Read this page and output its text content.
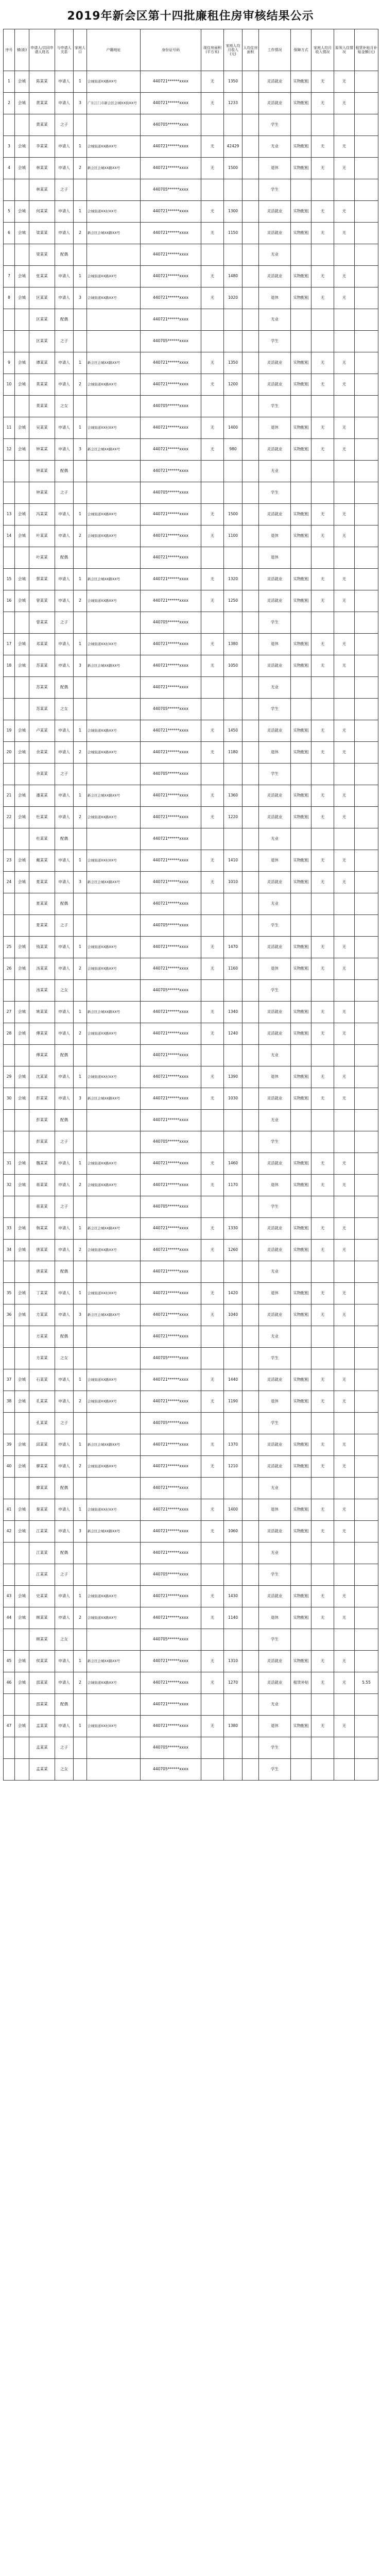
2019年新会区第十四批廉租住房审核结果公示
序号	镇(街)	申请人/共同申请人姓名	与申请人关系	家庭人口	户籍地址	身份证号码	现住房面积(平方米)	家庭人均月收入(元)	人均住房面积	工作情况	保障方式	家庭人均月收入情况	原领入住情况	租赁补贴月补贴金额(元)
1	会城	陈某某	申请人	1	会城街道XX路XX号	440721******xxxx	无	1350		灵活就业	实物配租	无	无	
2	会城	黄某某	申请人	3	广东江门市新会区会城XX街XX号	440721******xxxx	无	1233		灵活就业	实物配租	无	无	
		黄某某	之子			440705******xxxx				学生				
3	会城	李某某	申请人	1	会城街道XX路XX号	440721******xxxx	无	42429		无业	实物配租	无	无	
4	会城	林某某	申请人	2	新会区会城XX路XX号	440721******xxxx	无	1500		退休	实物配租	无	无	
		林某某	之子			440705******xxxx				学生				
5	会城	何某某	申请人	1	会城街道XX村XX号	440721******xxxx	无	1300		灵活就业	实物配租	无	无	
6	会城	梁某某	申请人	2	新会区会城XX路XX号	440721******xxxx	无	1150		灵活就业	实物配租	无	无	
		梁某某	配偶			440721******xxxx				无业				
7	会城	张某某	申请人	1	会城街道XX路XX号	440721******xxxx	无	1480		灵活就业	实物配租	无	无	
8	会城	区某某	申请人	3	会城街道XX路XX号	440721******xxxx	无	1020		退休	实物配租	无	无	
		区某某	配偶			440721******xxxx				无业				
		区某某	之子			440705******xxxx				学生				
9	会城	谭某某	申请人	1	新会区会城XX路XX号	440721******xxxx	无	1350		灵活就业	实物配租	无	无	
10	会城	莫某某	申请人	2	会城街道XX路XX号	440721******xxxx	无	1200		灵活就业	实物配租	无	无	
		莫某某	之女			440705******xxxx				学生				
11	会城	吴某某	申请人	1	会城街道XX村XX号	440721******xxxx	无	1400		退休	实物配租	无	无	
12	会城	钟某某	申请人	3	新会区会城XX路XX号	440721******xxxx	无	980		灵活就业	实物配租	无	无	
		钟某某	配偶			440721******xxxx				无业				
		钟某某	之子			440705******xxxx				学生				
13	会城	冯某某	申请人	1	会城街道XX路XX号	440721******xxxx	无	1500		灵活就业	实物配租	无	无	
14	会城	叶某某	申请人	2	会城街道XX路XX号	440721******xxxx	无	1100		退休	实物配租	无	无	
		叶某某	配偶			440721******xxxx				退休				
15	会城	蔡某某	申请人	1	新会区会城XX路XX号	440721******xxxx	无	1320		灵活就业	实物配租	无	无	
16	会城	曾某某	申请人	2	会城街道XX路XX号	440721******xxxx	无	1250		灵活就业	实物配租	无	无	
		曾某某	之子			440705******xxxx				学生				
17	会城	邓某某	申请人	1	会城街道XX村XX号	440721******xxxx	无	1380		退休	实物配租	无	无	
18	会城	苏某某	申请人	3	新会区会城XX路XX号	440721******xxxx	无	1050		灵活就业	实物配租	无	无	
		苏某某	配偶			440721******xxxx				无业				
		苏某某	之女			440705******xxxx				学生				
19	会城	卢某某	申请人	1	会城街道XX路XX号	440721******xxxx	无	1450		灵活就业	实物配租	无	无	
20	会城	余某某	申请人	2	会城街道XX路XX号	440721******xxxx	无	1180		退休	实物配租	无	无	
		余某某	之子			440705******xxxx				学生				
21	会城	潘某某	申请人	1	新会区会城XX路XX号	440721******xxxx	无	1360		灵活就业	实物配租	无	无	
22	会城	杜某某	申请人	2	会城街道XX路XX号	440721******xxxx	无	1220		灵活就业	实物配租	无	无	
		杜某某	配偶			440721******xxxx				无业				
23	会城	戴某某	申请人	1	会城街道XX村XX号	440721******xxxx	无	1410		退休	实物配租	无	无	
24	会城	夏某某	申请人	3	新会区会城XX路XX号	440721******xxxx	无	1010		灵活就业	实物配租	无	无	
		夏某某	配偶			440721******xxxx				无业				
		夏某某	之子			440705******xxxx				学生				
25	会城	钱某某	申请人	1	会城街道XX路XX号	440721******xxxx	无	1470		灵活就业	实物配租	无	无	
26	会城	汤某某	申请人	2	会城街道XX路XX号	440721******xxxx	无	1160		退休	实物配租	无	无	
		汤某某	之女			440705******xxxx				学生				
27	会城	姚某某	申请人	1	新会区会城XX路XX号	440721******xxxx	无	1340		灵活就业	实物配租	无	无	
28	会城	傅某某	申请人	2	会城街道XX路XX号	440721******xxxx	无	1240		灵活就业	实物配租	无	无	
		傅某某	配偶			440721******xxxx				无业				
29	会城	沈某某	申请人	1	会城街道XX村XX号	440721******xxxx	无	1390		退休	实物配租	无	无	
30	会城	彭某某	申请人	3	新会区会城XX路XX号	440721******xxxx	无	1030		灵活就业	实物配租	无	无	
		彭某某	配偶			440721******xxxx				无业				
		彭某某	之子			440705******xxxx				学生				
31	会城	魏某某	申请人	1	会城街道XX路XX号	440721******xxxx	无	1460		灵活就业	实物配租	无	无	
32	会城	蒋某某	申请人	2	会城街道XX路XX号	440721******xxxx	无	1170		退休	实物配租	无	无	
		蒋某某	之子			440705******xxxx				学生				
33	会城	韩某某	申请人	1	新会区会城XX路XX号	440721******xxxx	无	1330		灵活就业	实物配租	无	无	
34	会城	唐某某	申请人	2	会城街道XX路XX号	440721******xxxx	无	1260		灵活就业	实物配租	无	无	
		唐某某	配偶			440721******xxxx				无业				
35	会城	丁某某	申请人	1	会城街道XX村XX号	440721******xxxx	无	1420		退休	实物配租	无	无	
36	会城	方某某	申请人	3	新会区会城XX路XX号	440721******xxxx	无	1040		灵活就业	实物配租	无	无	
		方某某	配偶			440721******xxxx				无业				
		方某某	之女			440705******xxxx				学生				
37	会城	石某某	申请人	1	会城街道XX路XX号	440721******xxxx	无	1440		灵活就业	实物配租	无	无	
38	会城	孔某某	申请人	2	会城街道XX路XX号	440721******xxxx	无	1190		退休	实物配租	无	无	
		孔某某	之子			440705******xxxx				学生				
39	会城	邱某某	申请人	1	新会区会城XX路XX号	440721******xxxx	无	1370		灵活就业	实物配租	无	无	
40	会城	廖某某	申请人	2	会城街道XX路XX号	440721******xxxx	无	1210		灵活就业	实物配租	无	无	
		廖某某	配偶			440721******xxxx				无业				
41	会城	秦某某	申请人	1	会城街道XX村XX号	440721******xxxx	无	1400		退休	实物配租	无	无	
42	会城	江某某	申请人	3	新会区会城XX路XX号	440721******xxxx	无	1060		灵活就业	实物配租	无	无	
		江某某	配偶			440721******xxxx				无业				
		江某某	之子			440705******xxxx				学生				
43	会城	史某某	申请人	1	会城街道XX路XX号	440721******xxxx	无	1430		灵活就业	实物配租	无	无	
44	会城	顾某某	申请人	2	会城街道XX路XX号	440721******xxxx	无	1140		退休	实物配租	无	无	
		顾某某	之女			440705******xxxx				学生				
45	会城	侯某某	申请人	1	新会区会城XX路XX号	440721******xxxx	无	1310		灵活就业	实物配租	无	无	
46	会城	邵某某	申请人	2	会城街道XX路XX号	440721******xxxx	无	1270		灵活就业	租赁补贴	无	无	5.55
		邵某某	配偶			440721******xxxx				无业				
47	会城	孟某某	申请人	1	会城街道XX村XX号	440721******xxxx	无	1380		退休	实物配租	无	无	
		孟某某	之子			440705******xxxx				学生				
		孟某某	之女			440705******xxxx				学生				
